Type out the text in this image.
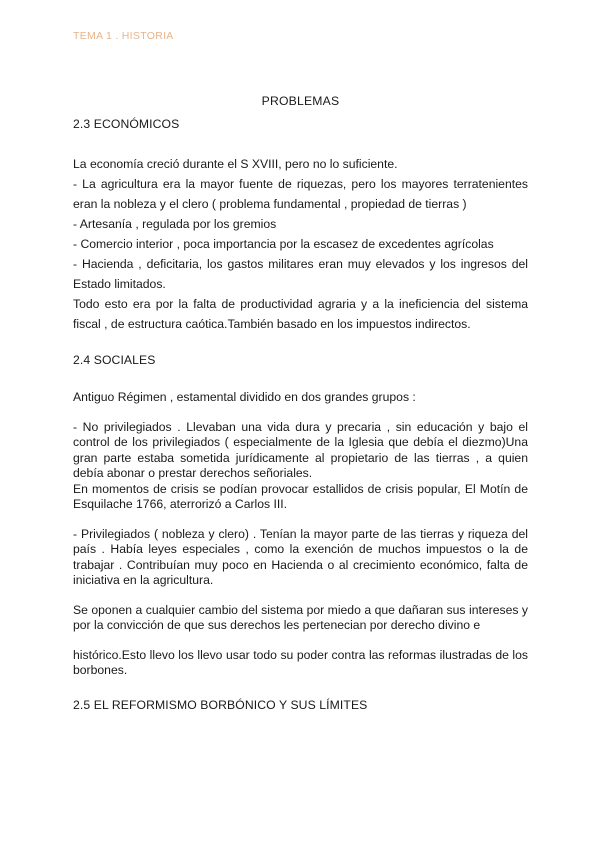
TEMA 1 . HISTORIA
PROBLEMAS
2.3 ECONÓMICOS

La economía creció durante el S XVIII, pero no lo suficiente.

- La agricultura era la mayor fuente de riquezas, pero los mayores terratenientes eran la nobleza y el clero ( problema fundamental , propiedad de tierras )

- Artesanía , regulada por los gremios

- Comercio interior , poca importancia por la escasez de excedentes agrícolas

- Hacienda , deficitaria, los gastos militares eran muy elevados y los ingresos del Estado limitados.

Todo esto era por la falta de productividad agraria y a la ineficiencia del sistema fiscal , de estructura caótica.También basado en los impuestos indirectos.

2.4 SOCIALES

Antiguo Régimen , estamental dividido en dos grandes grupos :

- No privilegiados . Llevaban una vida dura y precaria , sin educación y bajo el control de los privilegiados ( especialmente de la Iglesia que debía el diezmo)Una gran parte estaba sometida jurídicamente al propietario de las tierras , a quien debía abonar o prestar derechos señoriales.

En momentos de crisis se podían provocar estallidos de crisis popular, El Motín de Esquilache 1766, aterrorizó a Carlos III.

- Privilegiados ( nobleza y clero) . Tenían la mayor parte de las tierras y riqueza del país . Había leyes especiales , como la exención de muchos impuestos o la de trabajar . Contribuían muy poco en Hacienda o al crecimiento económico, falta de iniciativa en la agricultura.

Se oponen a cualquier cambio del sistema por miedo a que dañaran sus intereses y por la convicción de que sus derechos les pertenecian por derecho divino e

histórico.Esto llevo los llevo usar todo su poder contra las reformas ilustradas de los borbones.

2.5 EL REFORMISMO BORBÓNICO Y SUS LÍMITES
